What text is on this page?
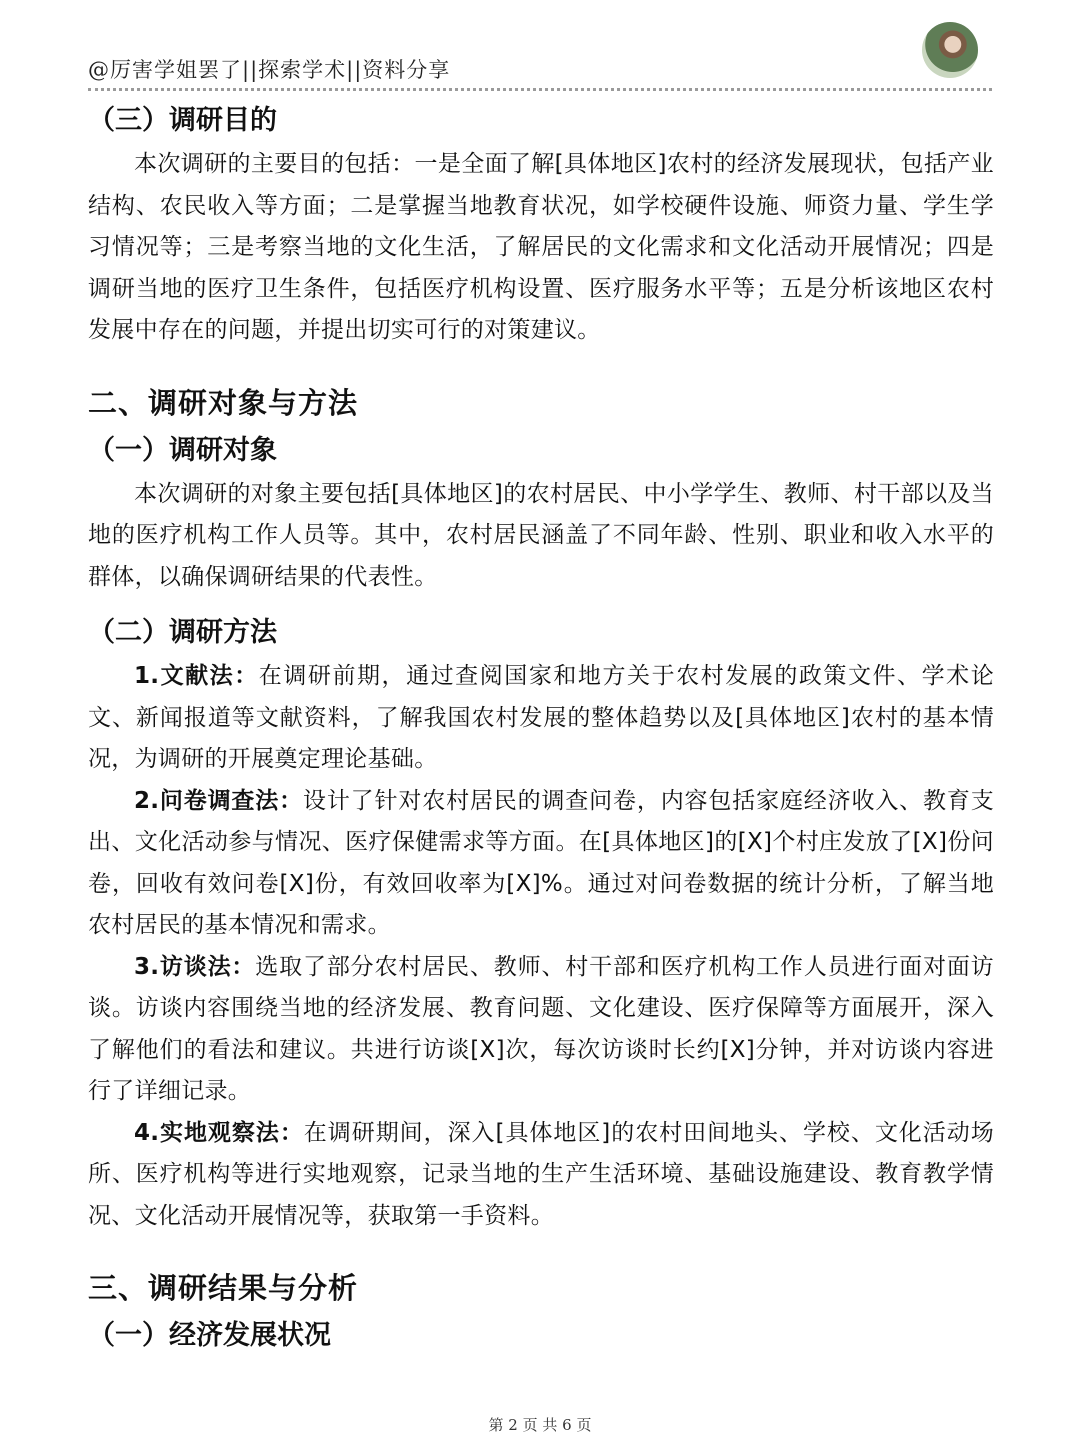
@厉害学姐罢了||探索学术||资料分享
（三）调研目的

本次调研的主要目的包括：一是全面了解[具体地区]农村的经济发展现状，包括产业结构、农民收入等方面；二是掌握当地教育状况，如学校硬件设施、师资力量、学生学习情况等；三是考察当地的文化生活，了解居民的文化需求和文化活动开展情况；四是调研当地的医疗卫生条件，包括医疗机构设置、医疗服务水平等；五是分析该地区农村发展中存在的问题，并提出切实可行的对策建议。

二、调研对象与方法
（一）调研对象

本次调研的对象主要包括[具体地区]的农村居民、中小学学生、教师、村干部以及当地的医疗机构工作人员等。其中，农村居民涵盖了不同年龄、性别、职业和收入水平的群体，以确保调研结果的代表性。

（二）调研方法

1.文献法：在调研前期，通过查阅国家和地方关于农村发展的政策文件、学术论文、新闻报道等文献资料，了解我国农村发展的整体趋势以及[具体地区]农村的基本情况，为调研的开展奠定理论基础。

2.问卷调查法：设计了针对农村居民的调查问卷，内容包括家庭经济收入、教育支出、文化活动参与情况、医疗保健需求等方面。在[具体地区]的[X]个村庄发放了[X]份问卷，回收有效问卷[X]份，有效回收率为[X]%。通过对问卷数据的统计分析，了解当地农村居民的基本情况和需求。

3.访谈法：选取了部分农村居民、教师、村干部和医疗机构工作人员进行面对面访谈。访谈内容围绕当地的经济发展、教育问题、文化建设、医疗保障等方面展开，深入了解他们的看法和建议。共进行访谈[X]次，每次访谈时长约[X]分钟，并对访谈内容进行了详细记录。

4.实地观察法：在调研期间，深入[具体地区]的农村田间地头、学校、文化活动场所、医疗机构等进行实地观察，记录当地的生产生活环境、基础设施建设、教育教学情况、文化活动开展情况等，获取第一手资料。

三、调研结果与分析
（一）经济发展状况
第 2 页 共 6 页
